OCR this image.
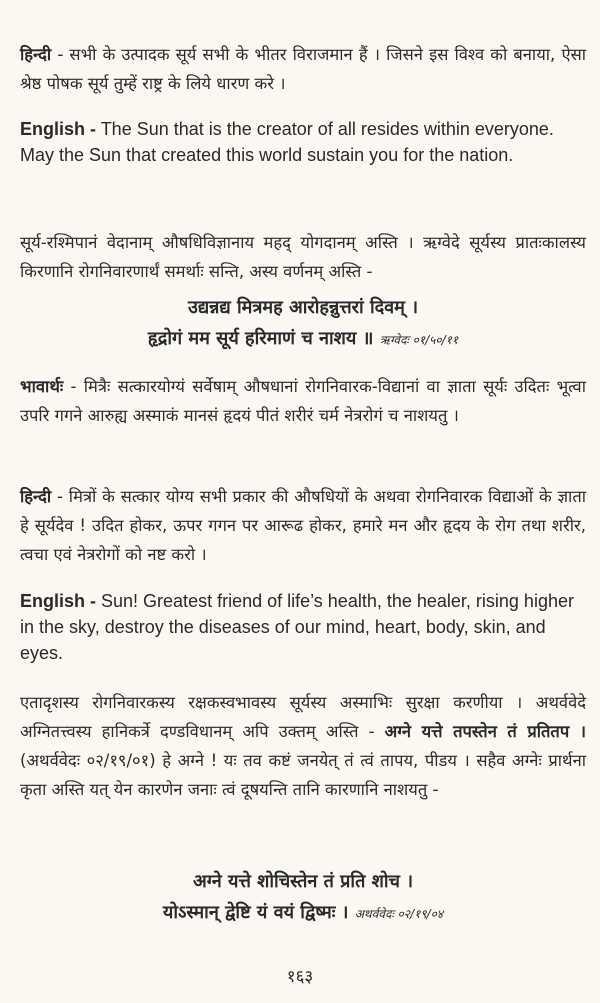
हिन्दी - सभी के उत्पादक सूर्य सभी के भीतर विराजमान हैं । जिसने इस विश्व को बनाया, ऐसा श्रेष्ठ पोषक सूर्य तुम्हें राष्ट्र के लिये धारण करे ।

English - The Sun that is the creator of all resides within everyone. May the Sun that created this world sustain you for the nation.

सूर्य-रश्मिपानं वेदानाम् औषधिविज्ञानाय महद् योगदानम् अस्ति । ऋग्वेदे सूर्यस्य प्रातःकालस्य किरणानि रोगनिवारणार्थं समर्थाः सन्ति, अस्य वर्णनम् अस्ति -

उद्यन्नद्य मित्रमह आरोहन्नुत्तरां दिवम् ।

हृद्रोगं मम सूर्य हरिमाणं च नाशय ॥ ऋग्वेदः ०१/५०/११

भावार्थः - मित्रैः सत्कारयोग्यं सर्वेषाम् औषधानां रोगनिवारक-विद्यानां वा ज्ञाता सूर्यः उदितः भूत्वा उपरि गगने आरुह्य अस्माकं मानसं हृदयं पीतं शरीरं चर्म नेत्ररोगं च नाशयतु ।

हिन्दी - मित्रों के सत्कार योग्य सभी प्रकार की औषधियों के अथवा रोगनिवारक विद्याओं के ज्ञाता हे सूर्यदेव ! उदित होकर, ऊपर गगन पर आरूढ होकर, हमारे मन और हृदय के रोग तथा शरीर, त्वचा एवं नेत्ररोगों को नष्ट करो ।

English - Sun! Greatest friend of life’s health, the healer, rising higher in the sky, destroy the diseases of our mind, heart, body, skin, and eyes.

एतादृशस्य रोगनिवारकस्य रक्षकस्वभावस्य सूर्यस्य अस्माभिः सुरक्षा करणीया । अथर्ववेदे अग्नितत्त्वस्य हानिकर्त्रे दण्डविधानम् अपि उक्तम् अस्ति - अग्ने यत्ते तपस्तेन तं प्रतितप । (अथर्ववेदः ०२/१९/०१) हे अग्ने ! यः तव कष्टं जनयेत् तं त्वं तापय, पीडय । सहैव अग्नेः प्रार्थना कृता अस्ति यत् येन कारणेन जनाः त्वं दूषयन्ति तानि कारणानि नाशयतु -

अग्ने यत्ते शोचिस्तेन तं प्रति शोच ।

योऽस्मान् द्वेष्टि यं वयं द्विष्मः । अथर्ववेदः ०२/१९/०४

१६३
